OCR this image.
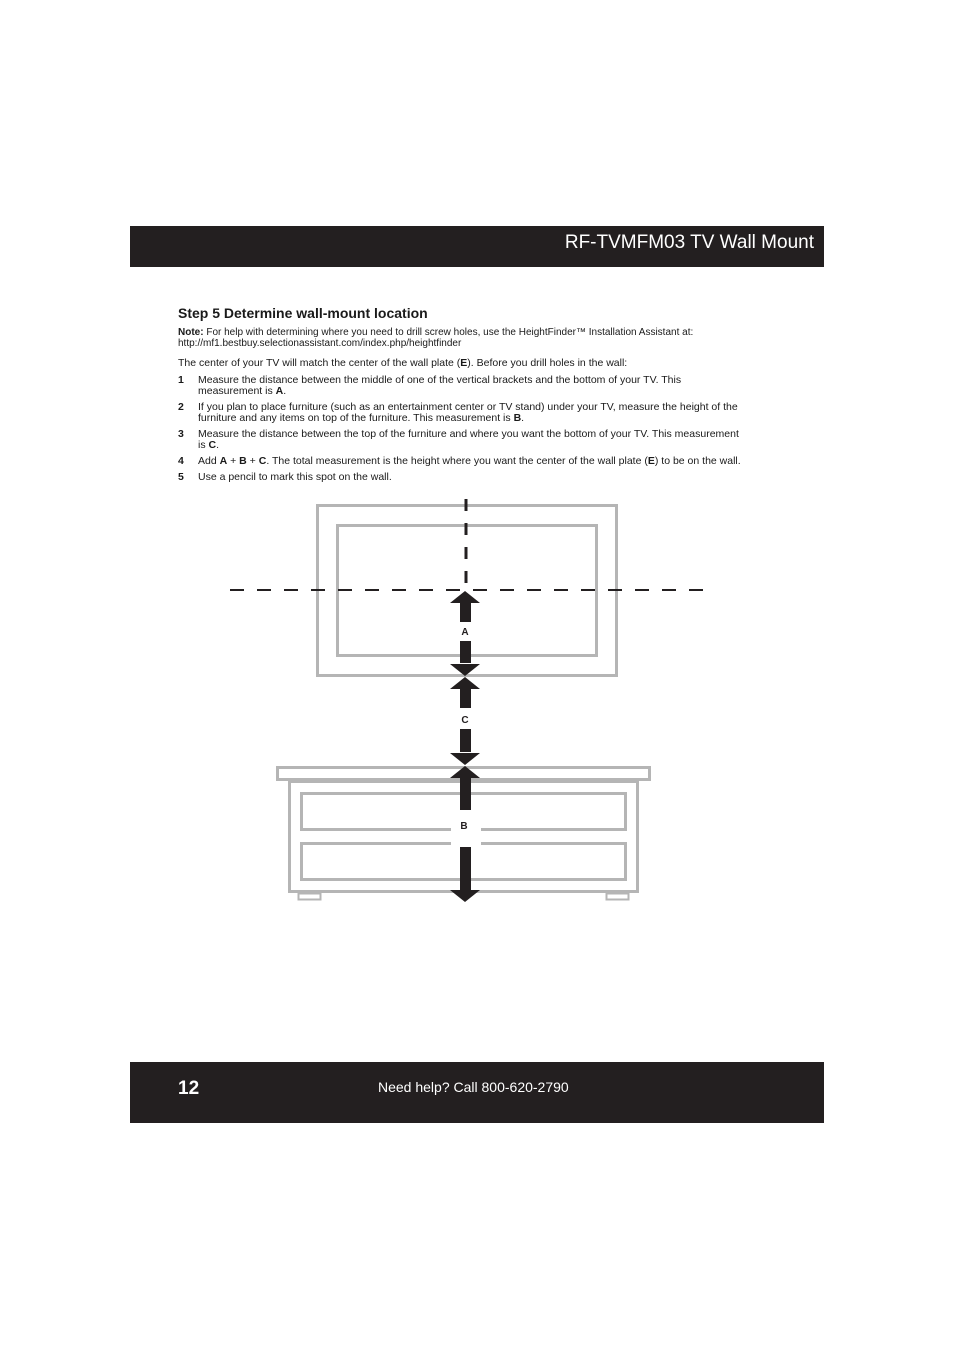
RF-TVMFM03 TV Wall Mount
Step 5 Determine wall-mount location
Note: For help with determining where you need to drill screw holes, use the HeightFinder™ Installation Assistant at: http://mf1.bestbuy.selectionassistant.com/index.php/heightfinder
The center of your TV will match the center of the wall plate (E). Before you drill holes in the wall:
1	Measure the distance between the middle of one of the vertical brackets and the bottom of your TV. This measurement is A.
2	If you plan to place furniture (such as an entertainment center or TV stand) under your TV, measure the height of the furniture and any items on top of the furniture. This measurement is B.
3	Measure the distance between the top of the furniture and where you want the bottom of your TV. This measurement is C.
4	Add A + B + C. The total measurement is the height where you want the center of the wall plate (E) to be on the wall.
5	Use a pencil to mark this spot on the wall.
A
C
B
12	Need help? Call 800-620-2790
